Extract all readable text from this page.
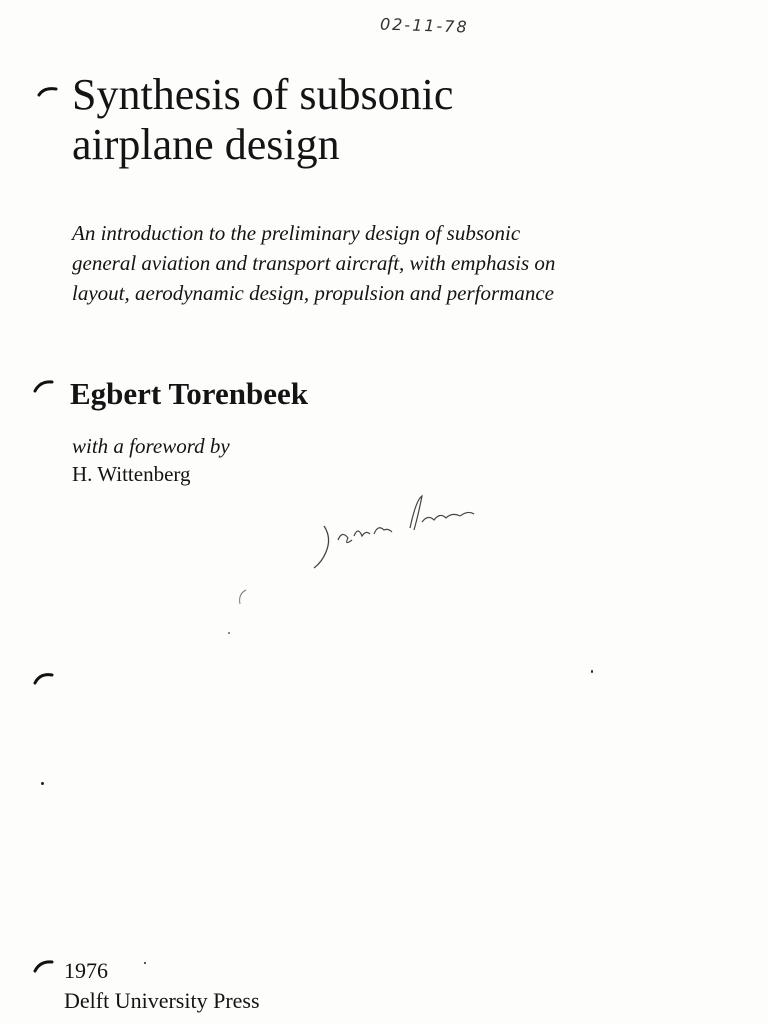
02-11-78
Synthesis of subsonic
airplane design

An introduction to the preliminary design of subsonic
general aviation and transport aircraft, with emphasis on
layout, aerodynamic design, propulsion and performance

Egbert Torenbeek
with a foreword by
H. Wittenberg
1976
Delft University Press
